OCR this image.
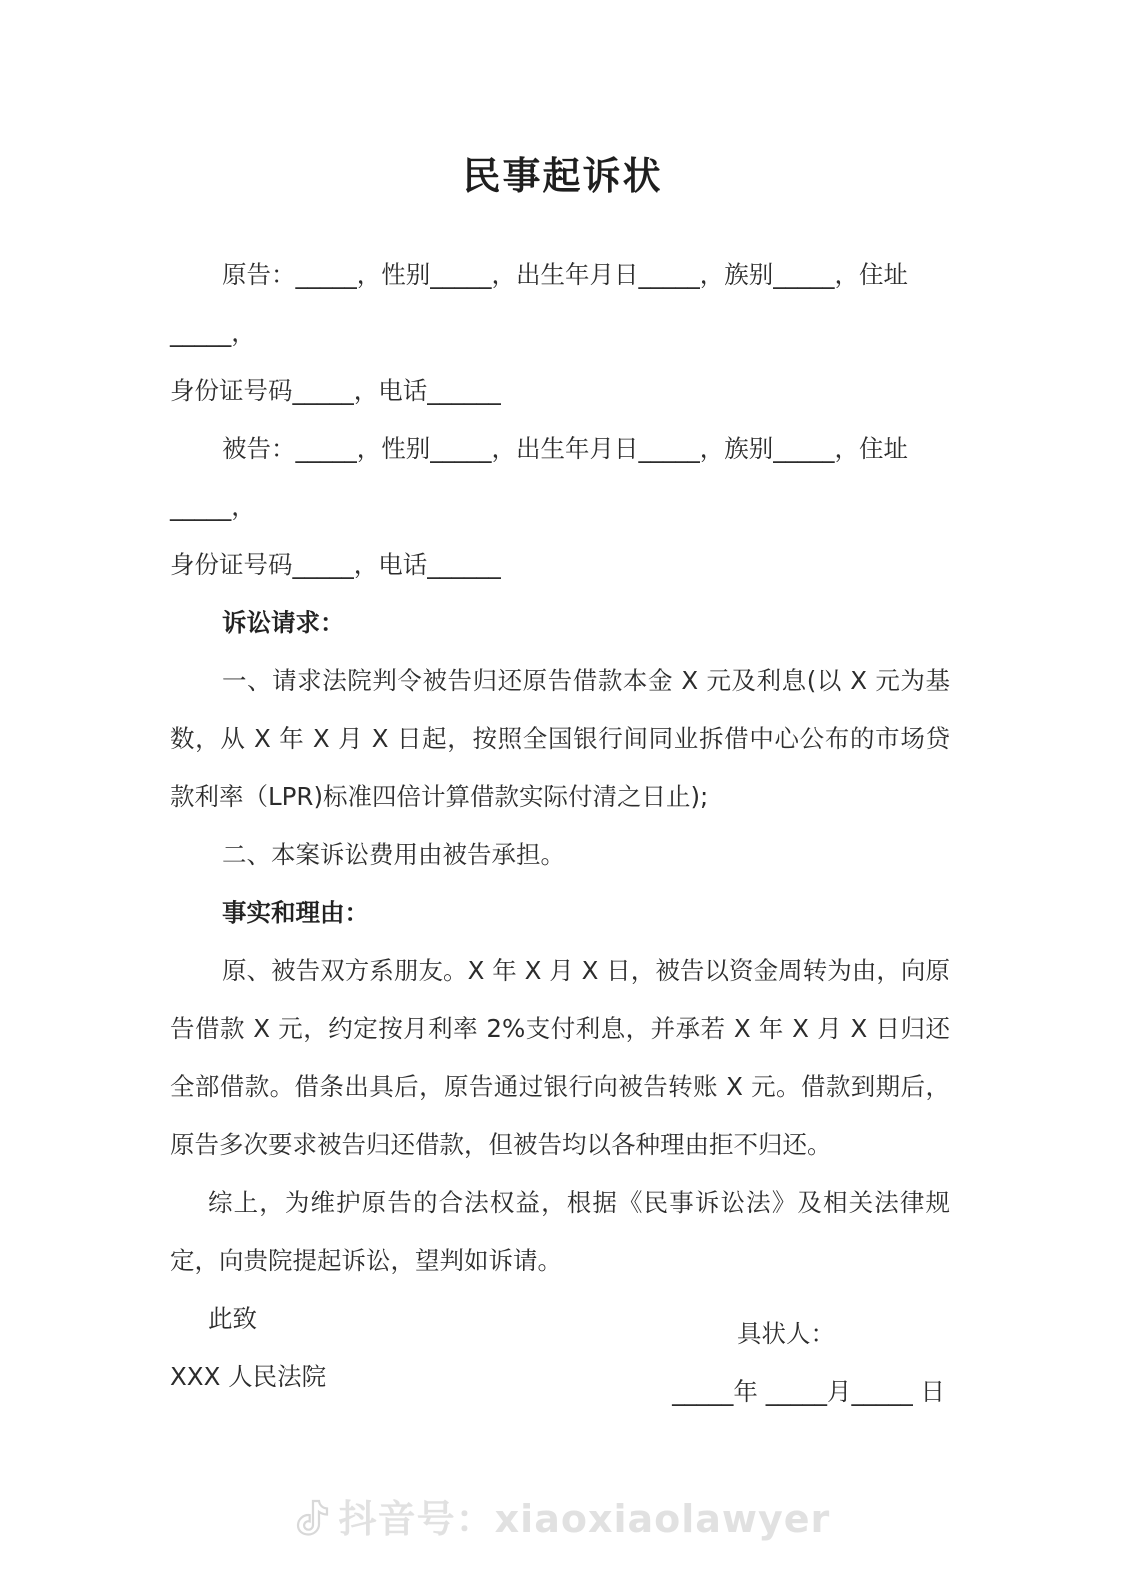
民事起诉状
原告：_____，性别_____，出生年月日_____，族别_____，住址_____，
身份证号码_____，电话______
被告：_____，性别_____，出生年月日_____，族别_____，住址_____，
身份证号码_____，电话______
诉讼请求：
一、请求法院判令被告归还原告借款本金 X 元及利息(以 X 元为基数，从 X 年 X 月 X 日起，按照全国银行间同业拆借中心公布的市场贷款利率（LPR)标准四倍计算借款实际付清之日止);
二、本案诉讼费用由被告承担。
事实和理由：
原、被告双方系朋友。X 年 X 月 X 日，被告以资金周转为由，向原告借款 X 元，约定按月利率 2%支付利息，并承若 X 年 X 月 X 日归还全部借款。借条出具后，原告通过银行向被告转账 X 元。借款到期后，原告多次要求被告归还借款，但被告均以各种理由拒不归还。
综上，为维护原告的合法权益，根据《民事诉讼法》及相关法律规定，向贵院提起诉讼，望判如诉请。
此致
XXX 人民法院
具状人：
_____年 _____月_____ 日
抖音号：xiaoxiaolawyer
